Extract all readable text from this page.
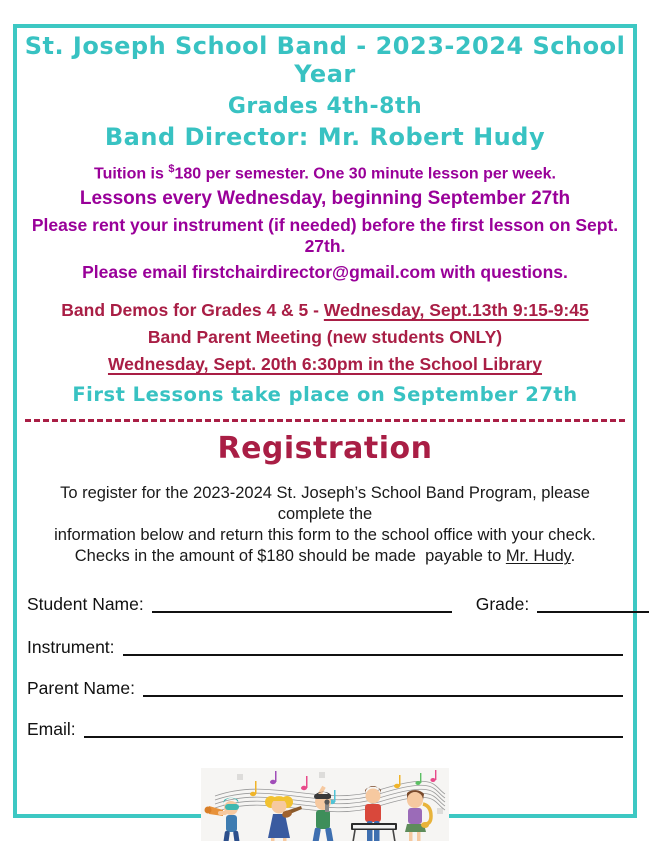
St. Joseph School Band - 2023-2024 School Year
Grades 4th-8th
Band Director: Mr. Robert Hudy
Tuition is $180 per semester. One 30 minute lesson per week.
Lessons every Wednesday, beginning September 27th
Please rent your instrument (if needed) before the first lesson on Sept. 27th.
Please email firstchairdirector@gmail.com with questions.
Band Demos for Grades 4 & 5 - Wednesday, Sept.13th 9:15-9:45
Band Parent Meeting (new students ONLY)
Wednesday, Sept. 20th 6:30pm in the School Library
First Lessons take place on September 27th
Registration
To register for the 2023-2024 St. Joseph’s School Band Program, please complete the
information below and return this form to the school office with your check.
Checks in the amount of $180 should be made  payable to Mr. Hudy.
Student Name:	Grade:
Instrument:
Parent Name:
Email:
